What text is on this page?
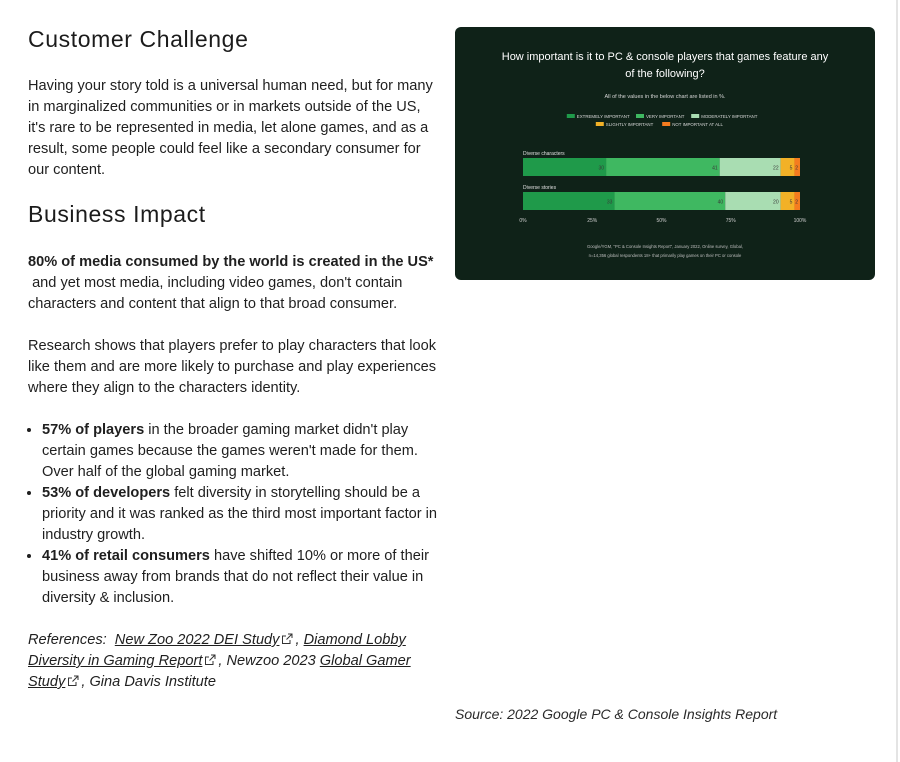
Customer Challenge

Having your story told is a universal human need, but for many in marginalized communities or in markets outside of the US, it's rare to be represented in media, let alone games, and as a result, some people could feel like a secondary consumer for our content.

Business Impact

80% of media consumed by the world is created in the US*
and yet most media, including video games, don't contain characters and content that align to that broad consumer.

Research shows that players prefer to play characters that look like them and are more likely to purchase and play experiences where they align to the characters identity.

• 57% of players in the broader gaming market didn't play certain games because the games weren't made for them. Over half of the global gaming market.
• 53% of developers felt diversity in storytelling should be a priority and it was ranked as the third most important factor in industry growth.
• 41% of retail consumers have shifted 10% or more of their business away from brands that do not reflect their value in diversity & inclusion.

References: New Zoo 2022 DEI Study , Diamond Lobby Diversity in Gaming Report , Newzoo 2023 Global Gamer Study , Gina Davis Institute

How important is it to PC & console players that games feature any
of the following?
All of the values in the below chart are listed in %.
EXTREMELY IMPORTANT	VERY IMPORTANT	MODERATELY IMPORTANT
SLIGHTLY IMPORTANT	NOT IMPORTANT AT ALL
Diverse characters
30	41	22 5 2
Diverse stories
33	40	20 5 2
0%	25%	50%	75%	100%
Google/YGM, "PC & Console Insights Report", January 2022, Online survey, Global,
n=14,356 global respondents 18+ that primarily play games on their PC or console
Source: 2022 Google PC & Console Insights Report
